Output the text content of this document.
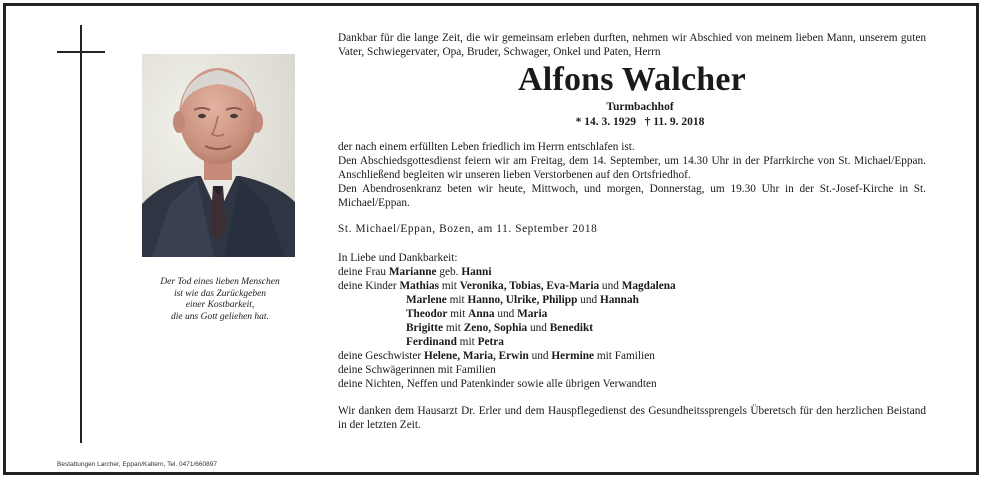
Der Tod eines lieben Menschen
ist wie das Zurückgeben
einer Kostbarkeit,
die uns Gott geliehen hat.
Bestattungen Larcher, Eppan/Kaltern, Tel. 0471/660897
Dankbar für die lange Zeit, die wir gemeinsam erleben durften, nehmen wir Abschied von meinem lieben Mann, unserem guten Vater, Schwiegervater, Opa, Bruder, Schwager, Onkel und Paten, Herrn
Alfons Walcher
Turmbachhof
* 14. 3. 1929   † 11. 9. 2018
der nach einem erfüllten Leben friedlich im Herrn entschlafen ist.
Den Abschiedsgottesdienst feiern wir am Freitag, dem 14. September, um 14.30 Uhr in der Pfarrkirche von St. Michael/Eppan. Anschließend begleiten wir unseren lieben Verstorbenen auf den Ortsfriedhof.
Den Abendrosenkranz beten wir heute, Mittwoch, und morgen, Donnerstag, um 19.30 Uhr in der St.-Josef-Kirche in St. Michael/Eppan.
St. Michael/Eppan, Bozen, am 11. September 2018
In Liebe und Dankbarkeit:
deine Frau Marianne geb. Hanni
deine Kinder Mathias mit Veronika, Tobias, Eva-Maria und Magdalena
Marlene mit Hanno, Ulrike, Philipp und Hannah
Theodor mit Anna und Maria
Brigitte mit Zeno, Sophia und Benedikt
Ferdinand mit Petra
deine Geschwister Helene, Maria, Erwin und Hermine mit Familien
deine Schwägerinnen mit Familien
deine Nichten, Neffen und Patenkinder sowie alle übrigen Verwandten
Wir danken dem Hausarzt Dr. Erler und dem Hauspflegedienst des Gesundheitssprengels Überetsch für den herzlichen Beistand in der letzten Zeit.
